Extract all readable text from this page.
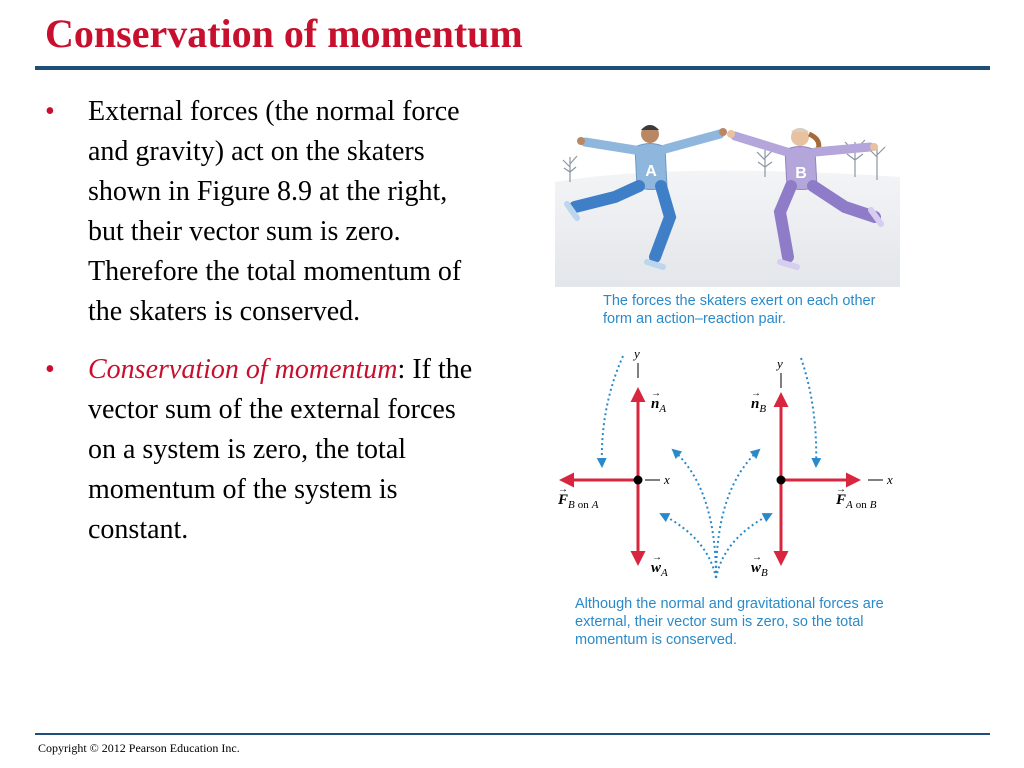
Conservation of momentum
•	External forces (the normal force and gravity) act on the skaters shown in Figure 8.9 at the right, but their vector sum is zero. Therefore the total momentum of the skaters is conserved.
•	Conservation of momentum: If the vector sum of the external forces on a system is zero, the total momentum of the system is constant.
A	B
The forces the skaters exert on each other form an action–reaction pair.
y
x
$n_A$
→
$w_A$
→
$F_B$ on A
→
y
x
$n_B$
→
$w_B$
→
$F_A$ on B
→
Although the normal and gravitational forces are external, their vector sum is zero, so the total momentum is conserved.
Copyright © 2012 Pearson Education Inc.
